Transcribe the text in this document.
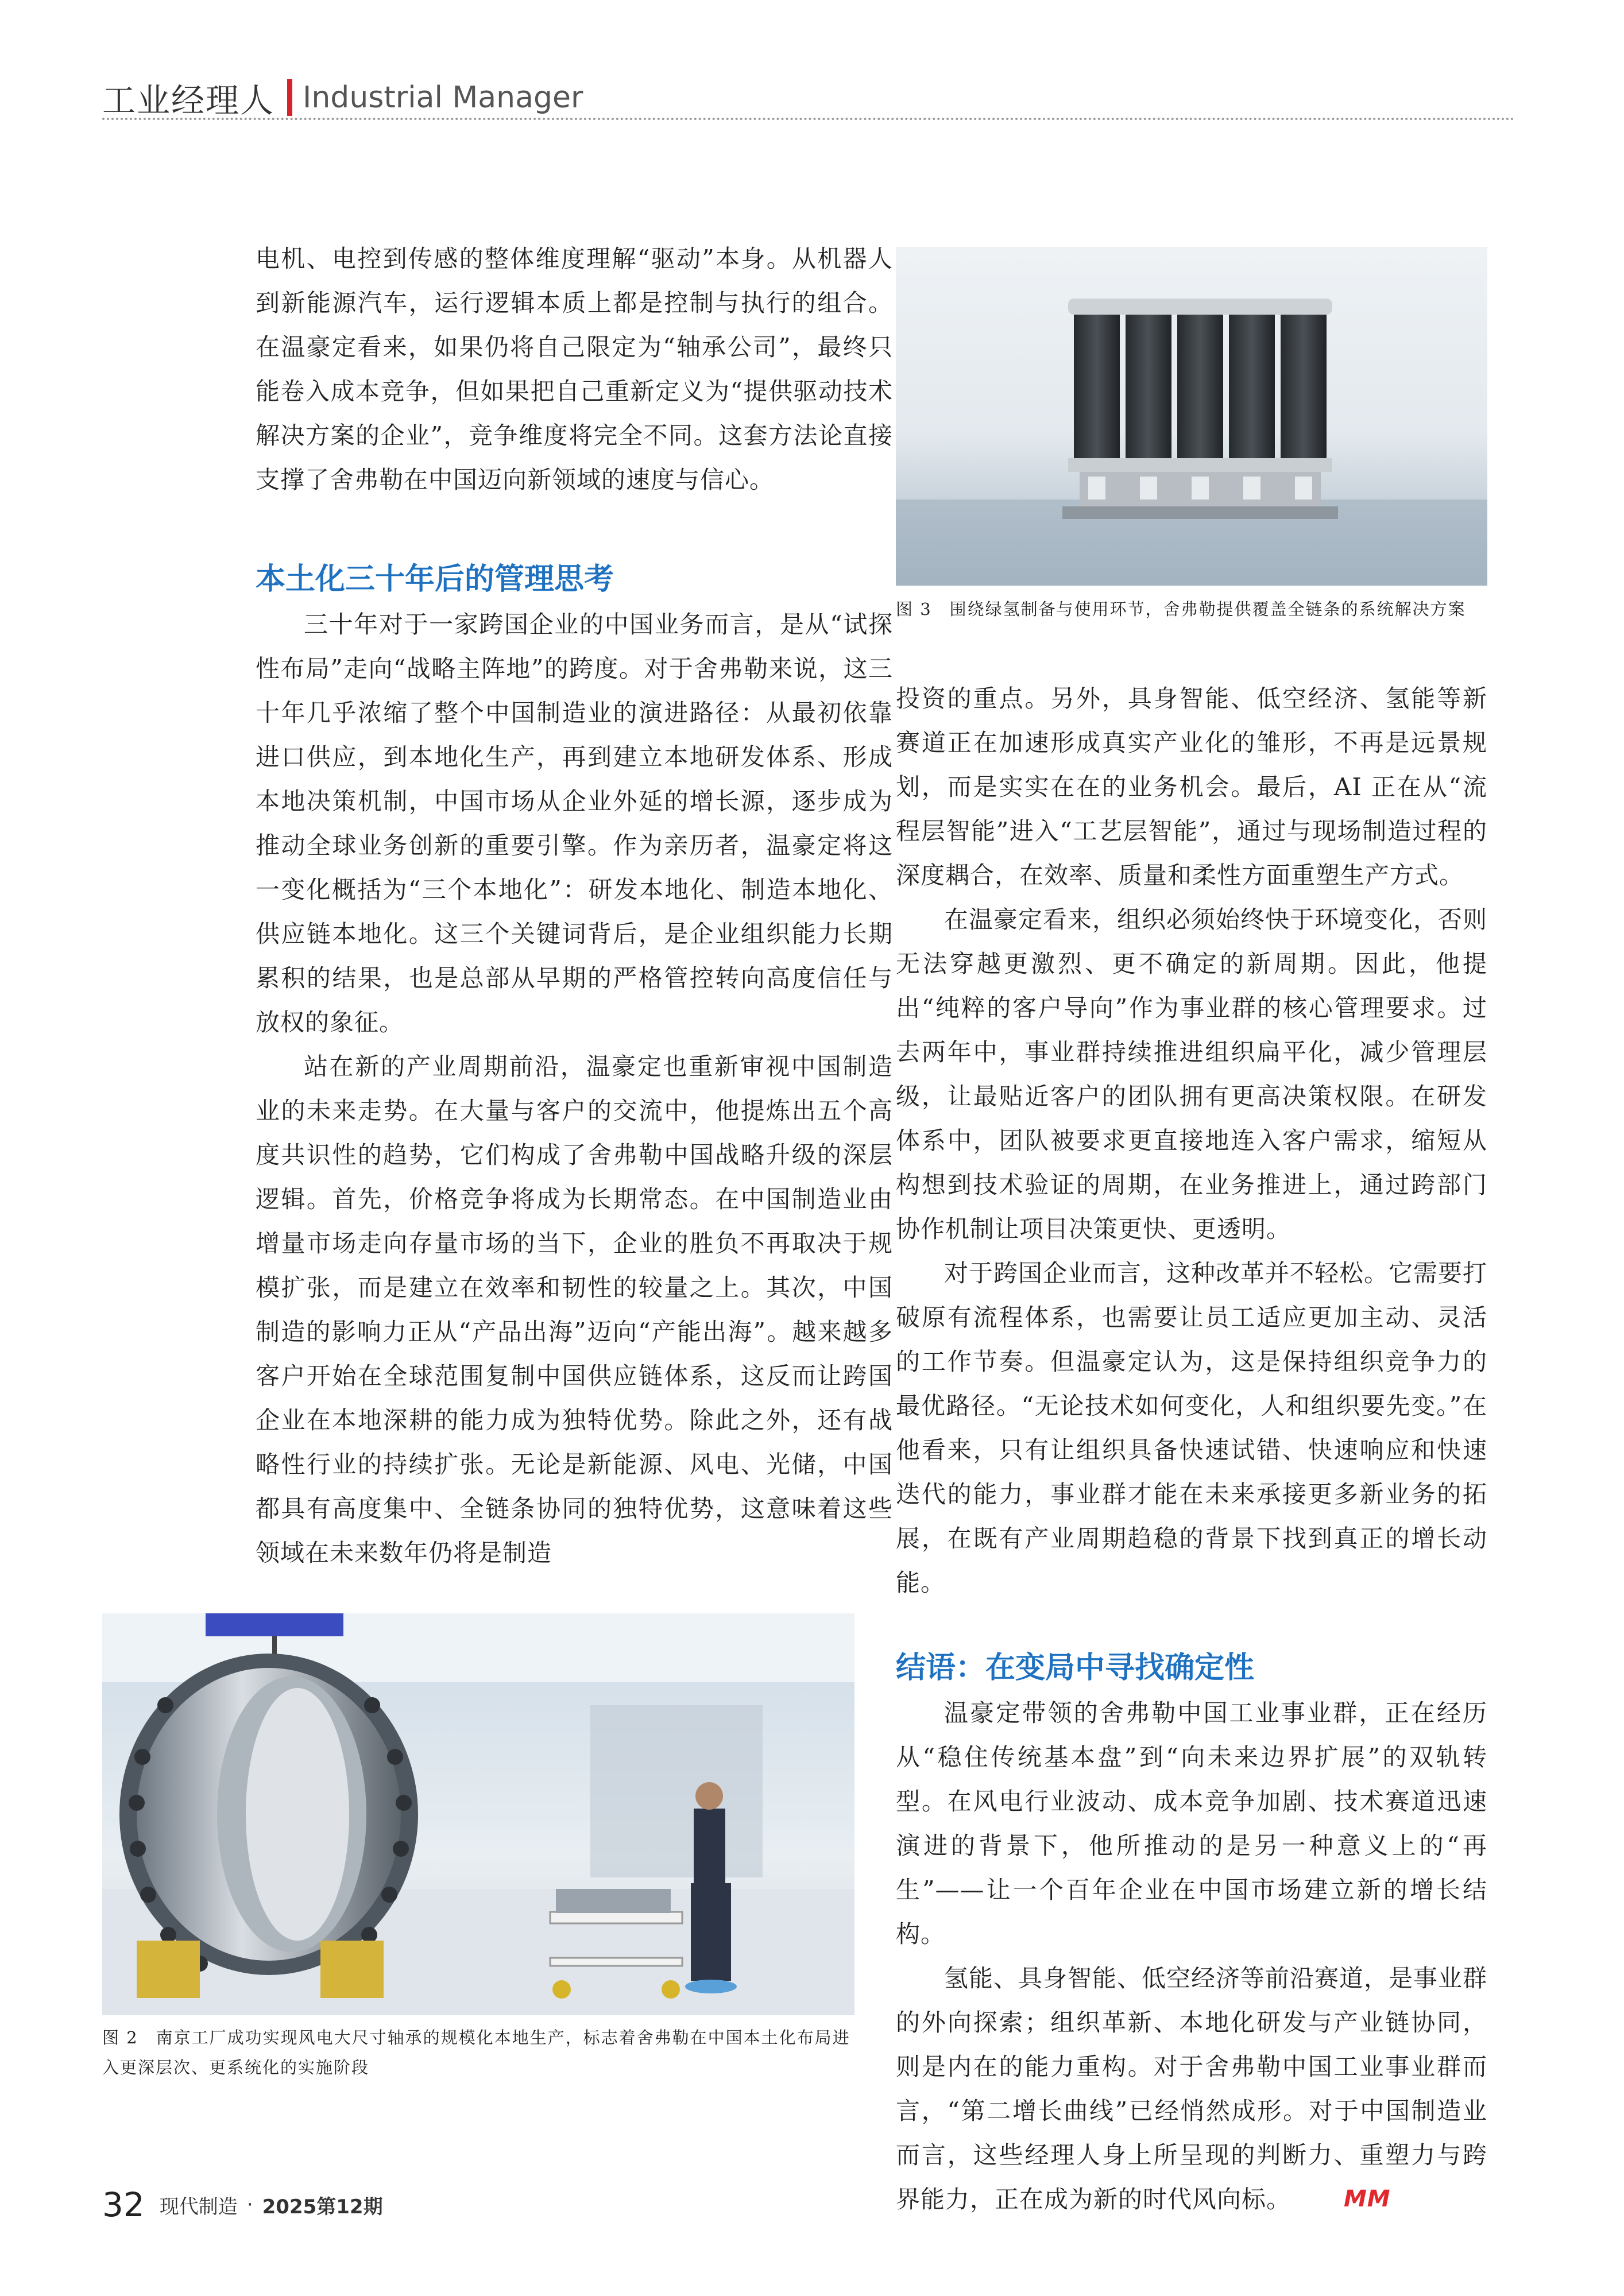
工业经理人 Industrial Manager

电机、电控到传感的整体维度理解“驱动”本身。从机器人到新能源汽车，运行逻辑本质上都是控制与执行的组合。在温豪定看来，如果仍将自己限定为“轴承公司”，最终只能卷入成本竞争，但如果把自己重新定义为“提供驱动技术解决方案的企业”，竞争维度将完全不同。这套方法论直接支撑了舍弗勒在中国迈向新领域的速度与信心。

本土化三十年后的管理思考

三十年对于一家跨国企业的中国业务而言，是从“试探性布局”走向“战略主阵地”的跨度。对于舍弗勒来说，这三十年几乎浓缩了整个中国制造业的演进路径：从最初依靠进口供应，到本地化生产，再到建立本地研发体系、形成本地决策机制，中国市场从企业外延的增长源，逐步成为推动全球业务创新的重要引擎。作为亲历者，温豪定将这一变化概括为“三个本地化”：研发本地化、制造本地化、供应链本地化。这三个关键词背后，是企业组织能力长期累积的结果，也是总部从早期的严格管控转向高度信任与放权的象征。

站在新的产业周期前沿，温豪定也重新审视中国制造业的未来走势。在大量与客户的交流中，他提炼出五个高度共识性的趋势，它们构成了舍弗勒中国战略升级的深层逻辑。首先，价格竞争将成为长期常态。在中国制造业由增量市场走向存量市场的当下，企业的胜负不再取决于规模扩张，而是建立在效率和韧性的较量之上。其次，中国制造的影响力正从“产品出海”迈向“产能出海”。越来越多客户开始在全球范围复制中国供应链体系，这反而让跨国企业在本地深耕的能力成为独特优势。除此之外，还有战略性行业的持续扩张。无论是新能源、风电、光储，中国都具有高度集中、全链条协同的独特优势，这意味着这些领域在未来数年仍将是制造

图 2　南京工厂成功实现风电大尺寸轴承的规模化本地生产，标志着舍弗勒在中国本土化布局进入更深层次、更系统化的实施阶段
图 3　围绕绿氢制备与使用环节，舍弗勒提供覆盖全链条的系统解决方案

投资的重点。另外，具身智能、低空经济、氢能等新赛道正在加速形成真实产业化的雏形，不再是远景规划，而是实实在在的业务机会。最后，AI 正在从“流程层智能”进入“工艺层智能”，通过与现场制造过程的深度耦合，在效率、质量和柔性方面重塑生产方式。

在温豪定看来，组织必须始终快于环境变化，否则无法穿越更激烈、更不确定的新周期。因此，他提出“纯粹的客户导向”作为事业群的核心管理要求。过去两年中，事业群持续推进组织扁平化，减少管理层级，让最贴近客户的团队拥有更高决策权限。在研发体系中，团队被要求更直接地连入客户需求，缩短从构想到技术验证的周期，在业务推进上，通过跨部门协作机制让项目决策更快、更透明。

对于跨国企业而言，这种改革并不轻松。它需要打破原有流程体系，也需要让员工适应更加主动、灵活的工作节奏。但温豪定认为，这是保持组织竞争力的最优路径。“无论技术如何变化，人和组织要先变。”在他看来，只有让组织具备快速试错、快速响应和快速迭代的能力，事业群才能在未来承接更多新业务的拓展，在既有产业周期趋稳的背景下找到真正的增长动能。

结语：在变局中寻找确定性

温豪定带领的舍弗勒中国工业事业群，正在经历从“稳住传统基本盘”到“向未来边界扩展”的双轨转型。在风电行业波动、成本竞争加剧、技术赛道迅速演进的背景下，他所推动的是另一种意义上的“再生”——让一个百年企业在中国市场建立新的增长结构。

氢能、具身智能、低空经济等前沿赛道，是事业群的外向探索；组织革新、本地化研发与产业链协同，则是内在的能力重构。对于舍弗勒中国工业事业群而言，“第二增长曲线”已经悄然成形。对于中国制造业而言，这些经理人身上所呈现的判断力、重塑力与跨界能力，正在成为新的时代风向标。 MM

32 现代制造 · 2025第12期
